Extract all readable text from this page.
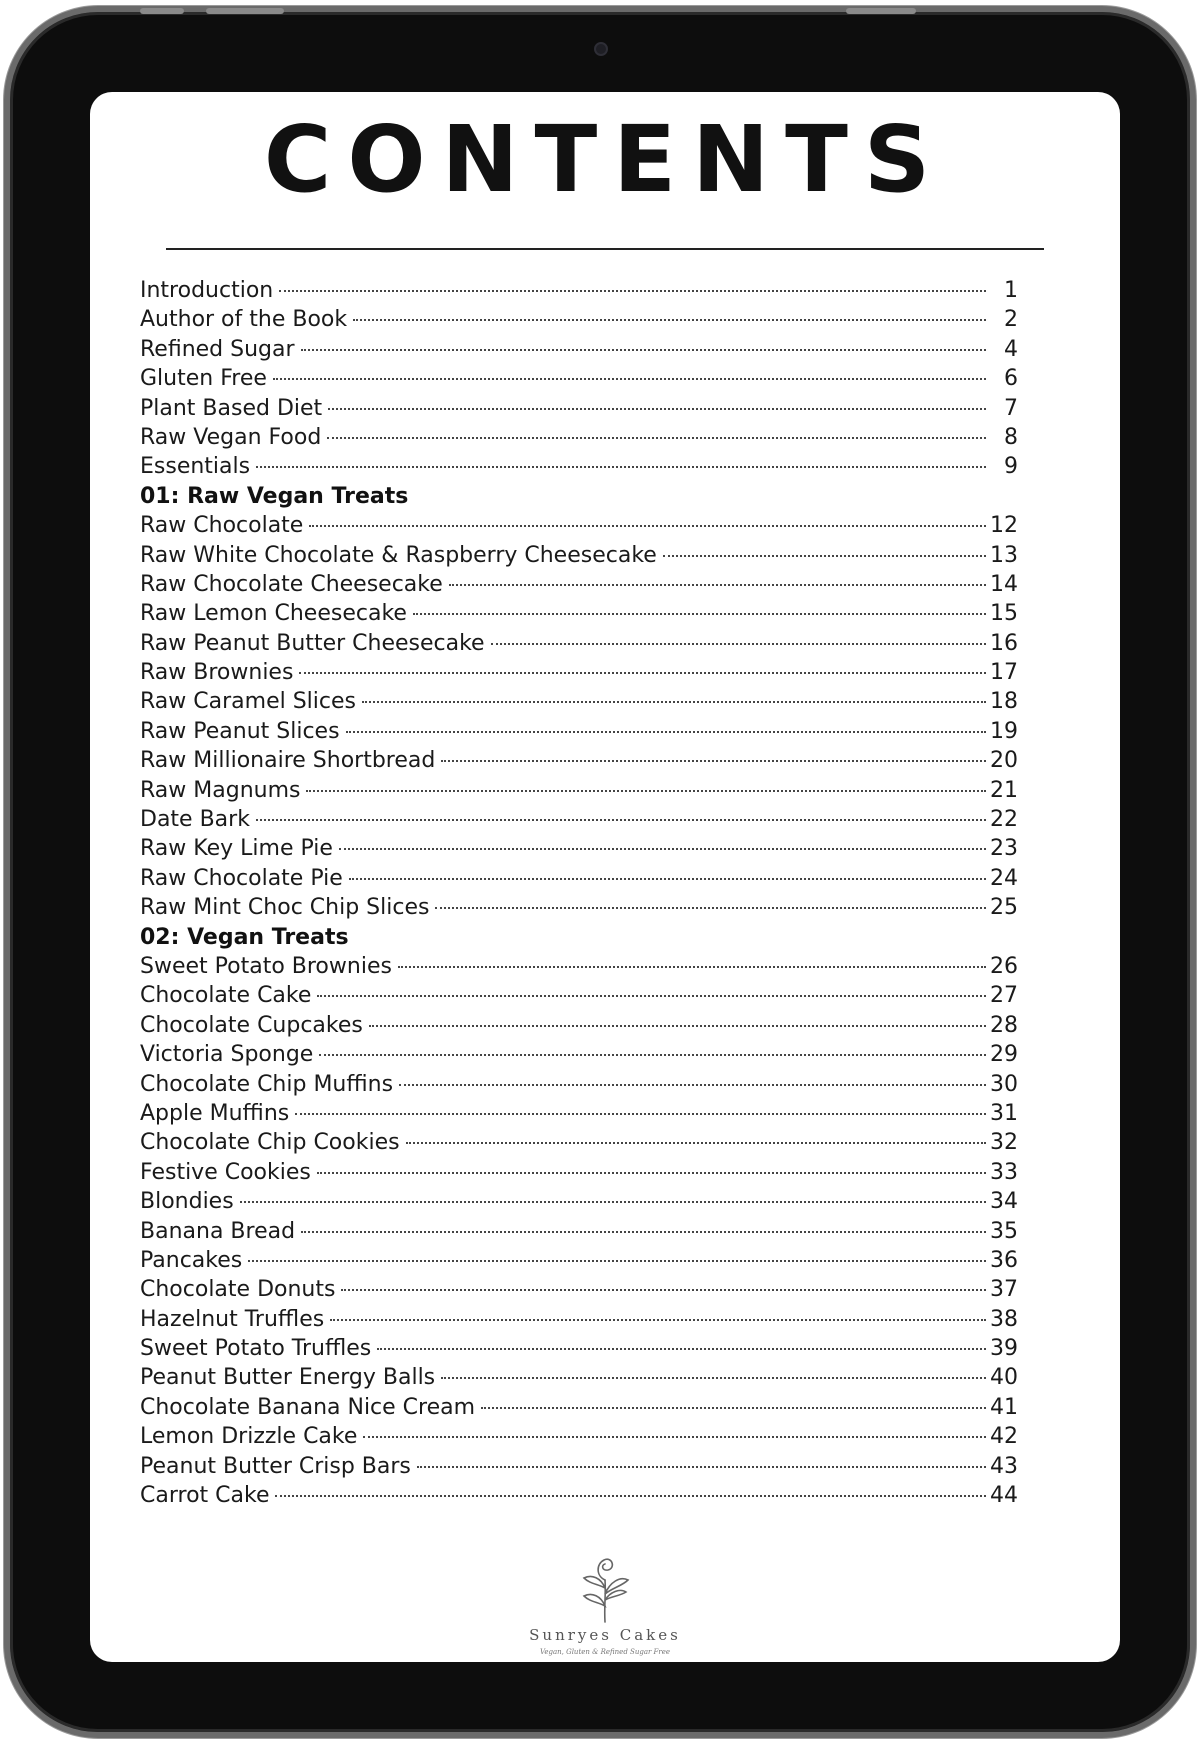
CONTENTS
Introduction	1
Author of the Book	2
Refined Sugar	4
Gluten Free	6
Plant Based Diet	7
Raw Vegan Food	8
Essentials	9
01: Raw Vegan Treats
Raw Chocolate	12
Raw White Chocolate & Raspberry Cheesecake	13
Raw Chocolate Cheesecake	14
Raw Lemon Cheesecake	15
Raw Peanut Butter Cheesecake	16
Raw Brownies	17
Raw Caramel Slices	18
Raw Peanut Slices	19
Raw Millionaire Shortbread	20
Raw Magnums	21
Date Bark	22
Raw Key Lime Pie	23
Raw Chocolate Pie	24
Raw Mint Choc Chip Slices	25
02: Vegan Treats
Sweet Potato Brownies	26
Chocolate Cake	27
Chocolate Cupcakes	28
Victoria Sponge	29
Chocolate Chip Muffins	30
Apple Muffins	31
Chocolate Chip Cookies	32
Festive Cookies	33
Blondies	34
Banana Bread	35
Pancakes	36
Chocolate Donuts	37
Hazelnut Truffles	38
Sweet Potato Truffles	39
Peanut Butter Energy Balls	40
Chocolate Banana Nice Cream	41
Lemon Drizzle Cake	42
Peanut Butter Crisp Bars	43
Carrot Cake	44
Sunryes Cakes
Vegan, Gluten & Refined Sugar Free
